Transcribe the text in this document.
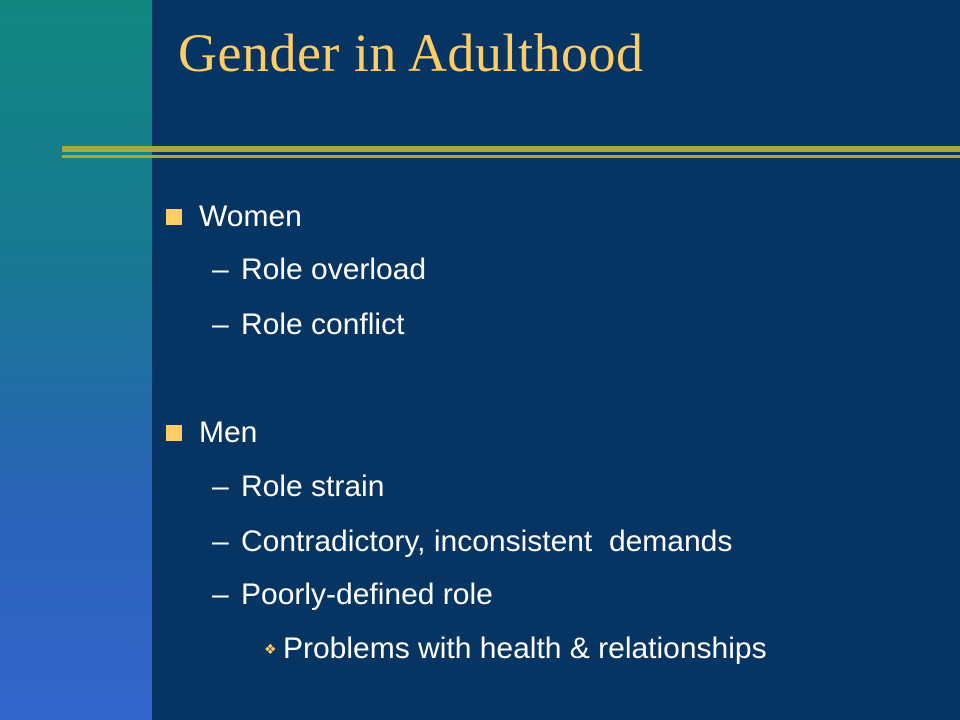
Gender in Adulthood
Women
– Role overload
– Role conflict
Men
– Role strain
– Contradictory, inconsistent  demands
– Poorly-defined role
❖ Problems with health & relationships
